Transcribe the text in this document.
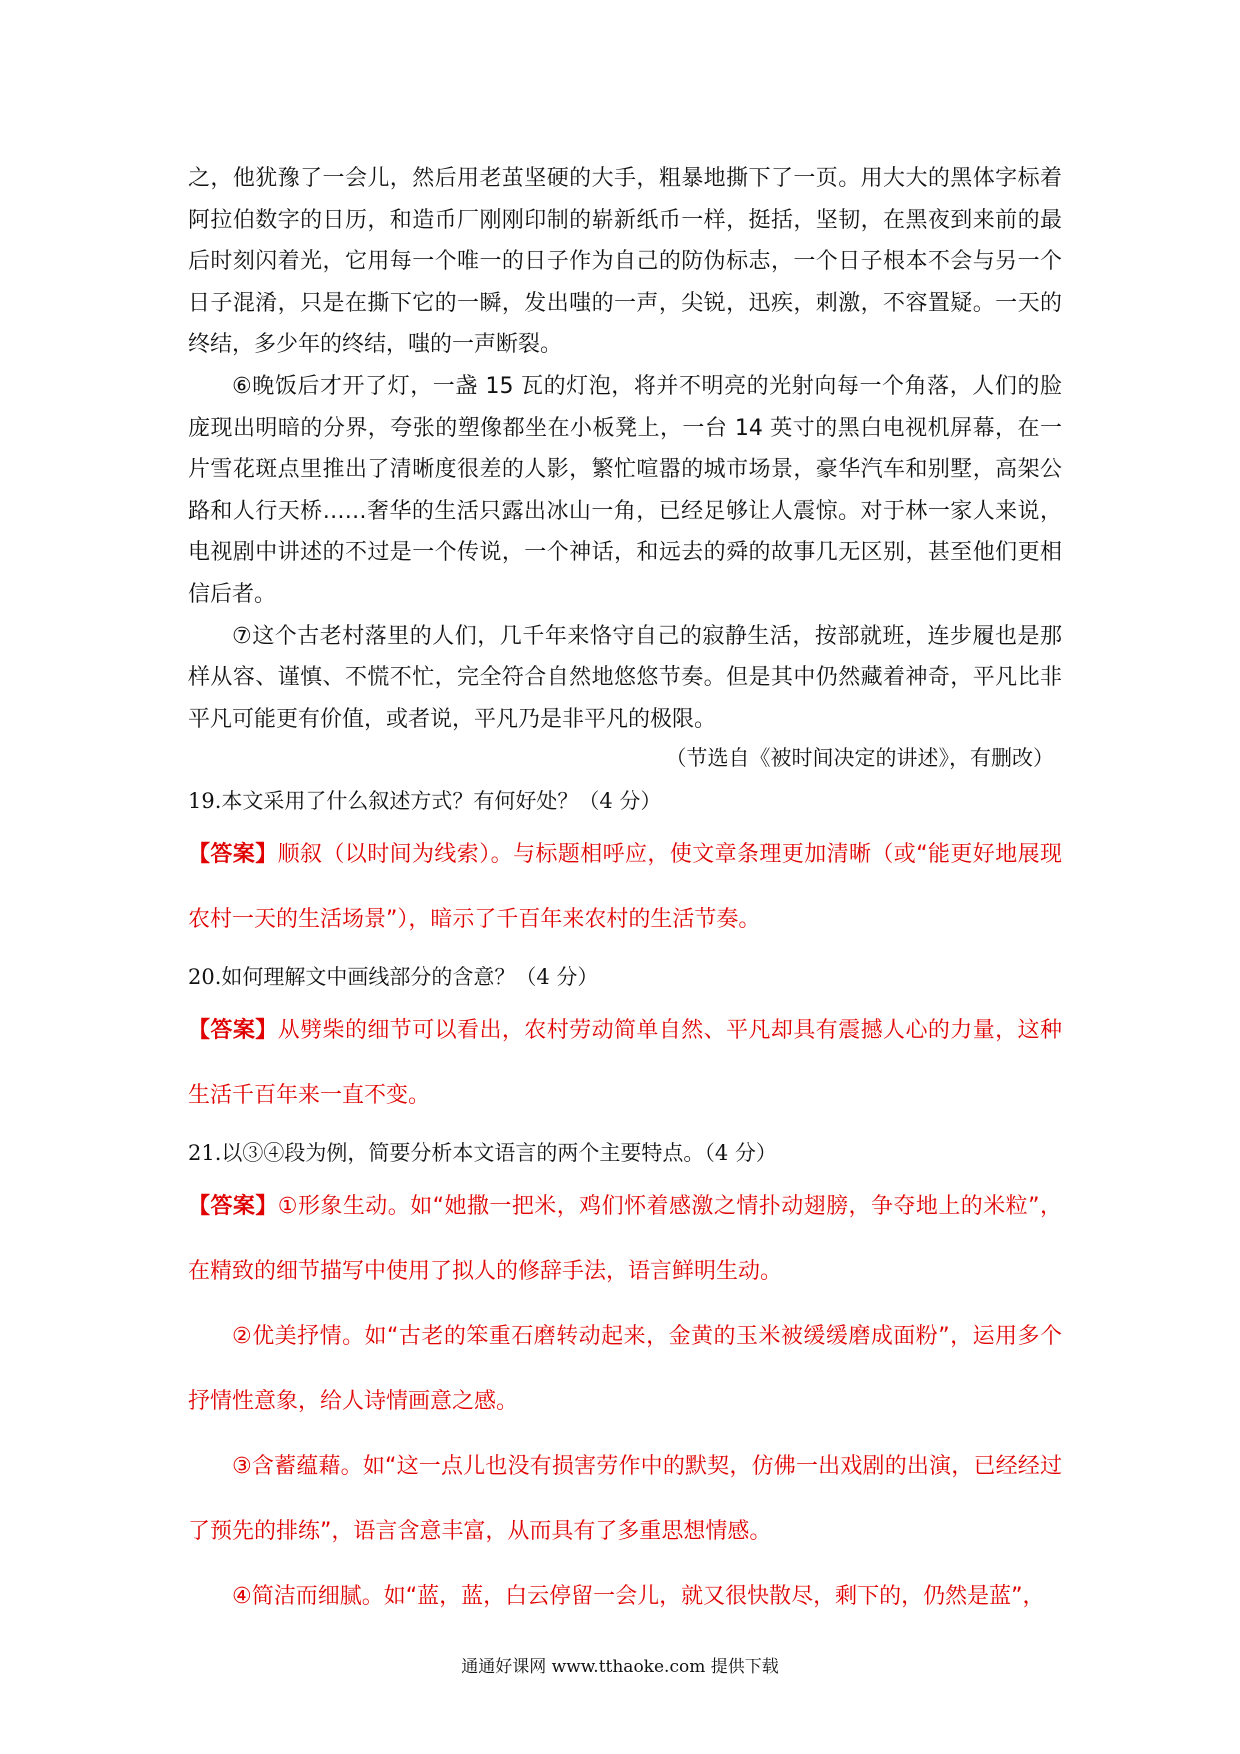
之，他犹豫了一会儿，然后用老茧坚硬的大手，粗暴地撕下了一页。用大大的黑体字标着阿拉伯数字的日历，和造币厂刚刚印制的崭新纸币一样，挺括，坚韧，在黑夜到来前的最后时刻闪着光，它用每一个唯一的日子作为自己的防伪标志，一个日子根本不会与另一个日子混淆，只是在撕下它的一瞬，发出嗤的一声，尖锐，迅疾，刺激，不容置疑。一天的终结，多少年的终结，嗤的一声断裂。

⑥晚饭后才开了灯，一盏 15 瓦的灯泡，将并不明亮的光射向每一个角落，人们的脸庞现出明暗的分界，夸张的塑像都坐在小板凳上，一台 14 英寸的黑白电视机屏幕，在一片雪花斑点里推出了清晰度很差的人影，繁忙喧嚣的城市场景，豪华汽车和别墅，高架公路和人行天桥……奢华的生活只露出冰山一角，已经足够让人震惊。对于林一家人来说，电视剧中讲述的不过是一个传说，一个神话，和远去的舜的故事几无区别，甚至他们更相信后者。

⑦这个古老村落里的人们，几千年来恪守自己的寂静生活，按部就班，连步履也是那样从容、谨慎、不慌不忙，完全符合自然地悠悠节奏。但是其中仍然藏着神奇，平凡比非平凡可能更有价值，或者说，平凡乃是非平凡的极限。

（节选自《被时间决定的讲述》，有删改）

19.本文采用了什么叙述方式？有何好处？（4 分）

【答案】顺叙（以时间为线索）。与标题相呼应，使文章条理更加清晰（或“能更好地展现农村一天的生活场景”），暗示了千百年来农村的生活节奏。

20.如何理解文中画线部分的含意？（4 分）

【答案】从劈柴的细节可以看出，农村劳动简单自然、平凡却具有震撼人心的力量，这种生活千百年来一直不变。

21.以③④段为例，简要分析本文语言的两个主要特点。（4 分）

【答案】①形象生动。如“她撒一把米，鸡们怀着感激之情扑动翅膀，争夺地上的米粒”，在精致的细节描写中使用了拟人的修辞手法，语言鲜明生动。

②优美抒情。如“古老的笨重石磨转动起来，金黄的玉米被缓缓磨成面粉”，运用多个抒情性意象，给人诗情画意之感。

③含蓄蕴藉。如“这一点儿也没有损害劳作中的默契，仿佛一出戏剧的出演，已经经过了预先的排练”，语言含意丰富，从而具有了多重思想情感。

④简洁而细腻。如“蓝，蓝，白云停留一会儿，就又很快散尽，剩下的，仍然是蓝”，

通通好课网 www.tthaoke.com 提供下载
